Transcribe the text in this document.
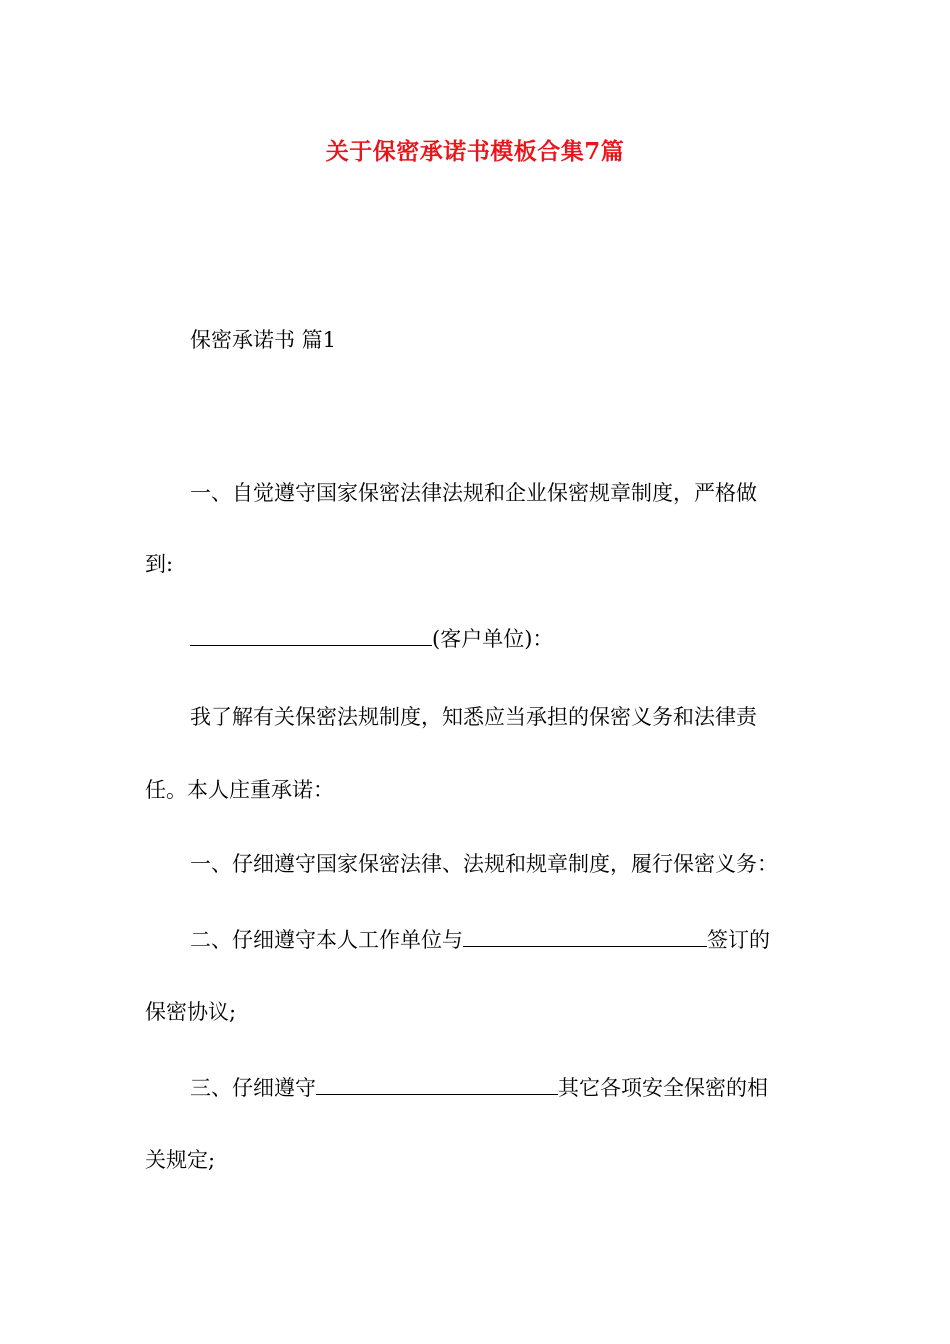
关于保密承诺书模板合集7篇
保密承诺书 篇1
一、自觉遵守国家保密法律法规和企业保密规章制度，严格做
到:
(客户单位)：
我了解有关保密法规制度，知悉应当承担的保密义务和法律责
任。本人庄重承诺：
一、仔细遵守国家保密法律、法规和规章制度，履行保密义务：
二、仔细遵守本人工作单位与	签订的
保密协议;
三、仔细遵守	其它各项安全保密的相
关规定;
